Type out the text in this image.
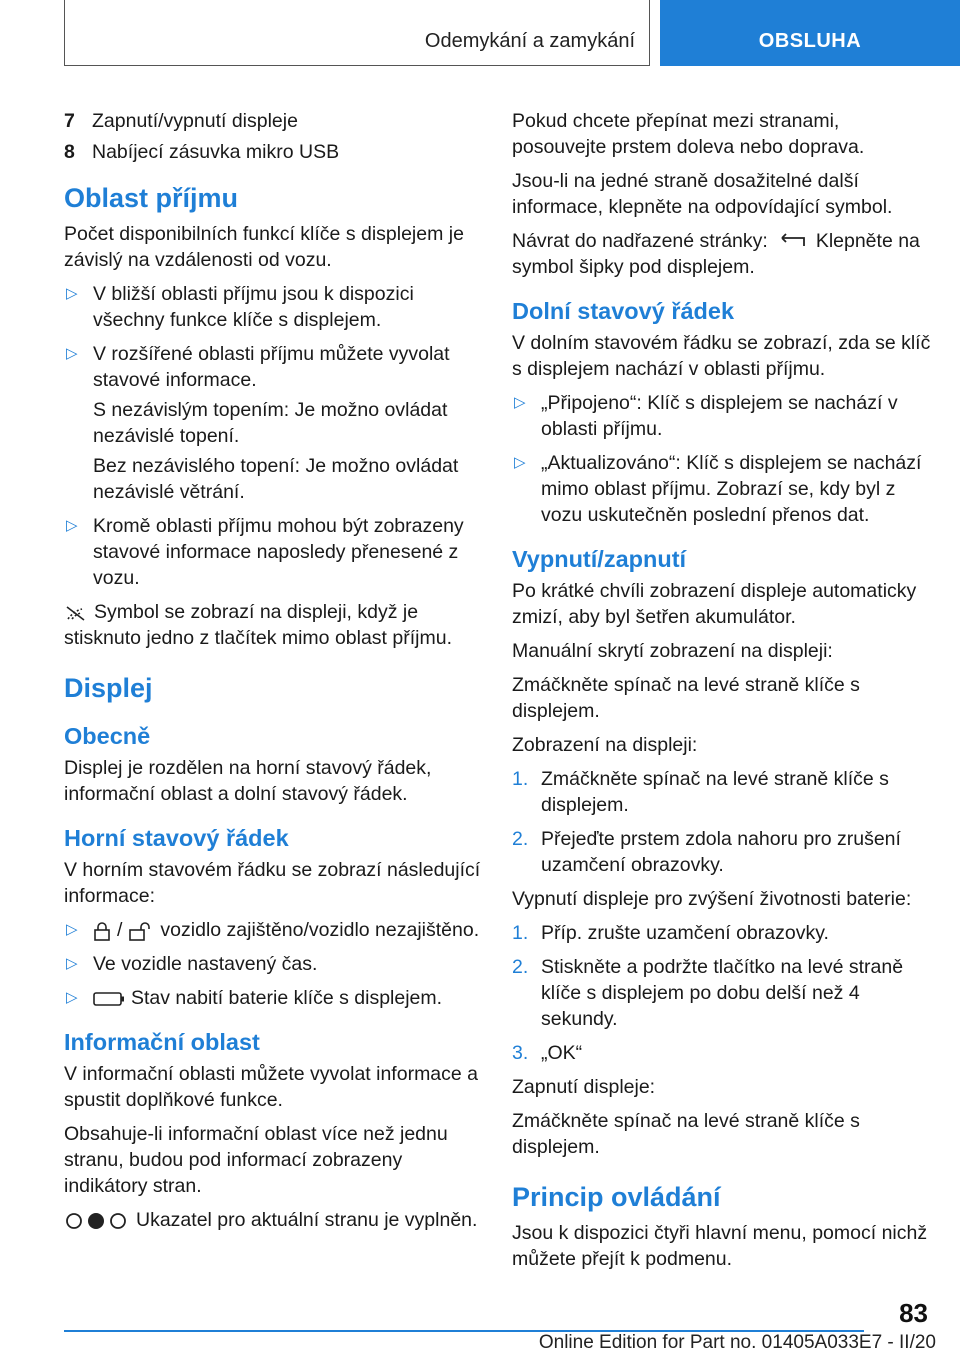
Odemykání a zamykání	OBSLUHA
7 Zapnutí/vypnutí displeje
8 Nabíjecí zásuvka mikro USB
Oblast příjmu

Počet disponibilních funkcí klíče s displejem je závislý na vzdálenosti od vozu.

▷ V bližší oblasti příjmu jsou k dispozici všechny funkce klíče s displejem.
▷ V rozšířené oblasti příjmu můžete vyvolat stavové informace.

S nezávislým topením: Je možno ovládat nezávislé topení.

Bez nezávislého topení: Je možno ovládat nezávislé větrání.

▷ Kromě oblasti příjmu mohou být zobrazeny stavové informace naposledy přenesené z vozu.

Symbol se zobrazí na displeji, když je stisknuto jedno z tlačítek mimo oblast příjmu.

Displej
Obecně

Displej je rozdělen na horní stavový řádek, informační oblast a dolní stavový řádek.

Horní stavový řádek

V horním stavovém řádku se zobrazí následující informace:

▷	/ vozidlo zajištěno/vozidlo nezajištěno.
▷ Ve vozidle nastavený čas.
▷	Stav nabití baterie klíče s displejem.
Informační oblast

V informační oblasti můžete vyvolat informace a spustit doplňkové funkce.

Obsahuje-li informační oblast více než jednu stranu, budou pod informací zobrazeny indikátory stran.

Ukazatel pro aktuální stranu je vyplněn.

Pokud chcete přepínat mezi stranami, posouvejte prstem doleva nebo doprava.

Jsou-li na jedné straně dosažitelné další informace, klepněte na odpovídající symbol.

Návrat do nadřazené stránky: Klepněte na symbol šipky pod displejem.

Dolní stavový řádek

V dolním stavovém řádku se zobrazí, zda se klíč s displejem nachází v oblasti příjmu.

▷ „Připojeno“: Klíč s displejem se nachází v oblasti příjmu.
▷ „Aktualizováno“: Klíč s displejem se nachází mimo oblast příjmu. Zobrazí se, kdy byl z vozu uskutečněn poslední přenos dat.
Vypnutí/zapnutí

Po krátké chvíli zobrazení displeje automaticky zmizí, aby byl šetřen akumulátor.

Manuální skrytí zobrazení na displeji:

Zmáčkněte spínač na levé straně klíče s displejem.

Zobrazení na displeji:

1. Zmáčkněte spínač na levé straně klíče s displejem.
2. Přejeďte prstem zdola nahoru pro zrušení uzamčení obrazovky.

Vypnutí displeje pro zvýšení životnosti baterie:

1. Příp. zrušte uzamčení obrazovky.
2. Stiskněte a podržte tlačítko na levé straně klíče s displejem po dobu delší než 4 sekundy.
3. „OK“

Zapnutí displeje:

Zmáčkněte spínač na levé straně klíče s displejem.

Princip ovládání

Jsou k dispozici čtyři hlavní menu, pomocí nichž můžete přejít k podmenu.

83
Online Edition for Part no. 01405A033E7 - II/20
